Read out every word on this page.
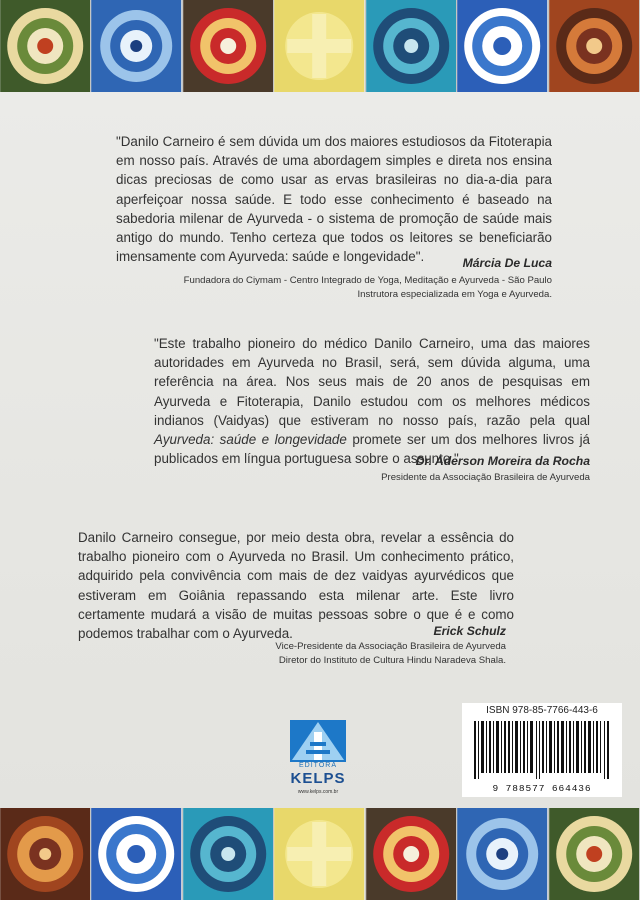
"Danilo Carneiro é sem dúvida um dos maiores estudiosos da Fitoterapia em nosso país. Através de uma abordagem simples e direta nos ensina dicas preciosas de como usar as ervas brasileiras no dia-a-dia para aperfeiçoar nossa saúde. E todo esse conhecimento é baseado na sabedoria milenar de Ayurveda - o sistema de promoção de saúde mais antigo do mundo. Tenho certeza que todos os leitores se beneficiarão imensamente com Ayurveda: saúde e longevidade".	Márcia De Luca
Fundadora do Ciymam - Centro Integrado de Yoga, Meditação e Ayurveda - São Paulo
Instrutora especializada em Yoga e Ayurveda.
"Este trabalho pioneiro do médico Danilo Carneiro, uma das maiores autoridades em Ayurveda no Brasil, será, sem dúvida alguma, uma referência na área. Nos seus mais de 20 anos de pesquisas em Ayurveda e Fitoterapia, Danilo estudou com os melhores médicos indianos (Vaidyas) que estiveram no nosso país, razão pela qual Ayurveda: saúde e longevidade promete ser um dos melhores livros já publicados em língua portuguesa sobre o assunto."
Dr. Aderson Moreira da Rocha
Presidente da Associação Brasileira de Ayurveda
Danilo Carneiro consegue, por meio desta obra, revelar a essência do trabalho pioneiro com o Ayurveda no Brasil. Um conhecimento prático, adquirido pela convivência com mais de dez vaidyas ayurvédicos que estiveram em Goiânia repassando esta milenar arte. Este livro certamente mudará a visão de muitas pessoas sobre o que é e como podemos trabalhar com o Ayurveda.	Erick Schulz
Vice-Presidente da Associação Brasileira de Ayurveda
Diretor do Instituto de Cultura Hindu Naradeva Shala.
EDITORA
KELPS
www.kelps.com.br
ISBN 978-85-7766-443-6
9 788577 664436
